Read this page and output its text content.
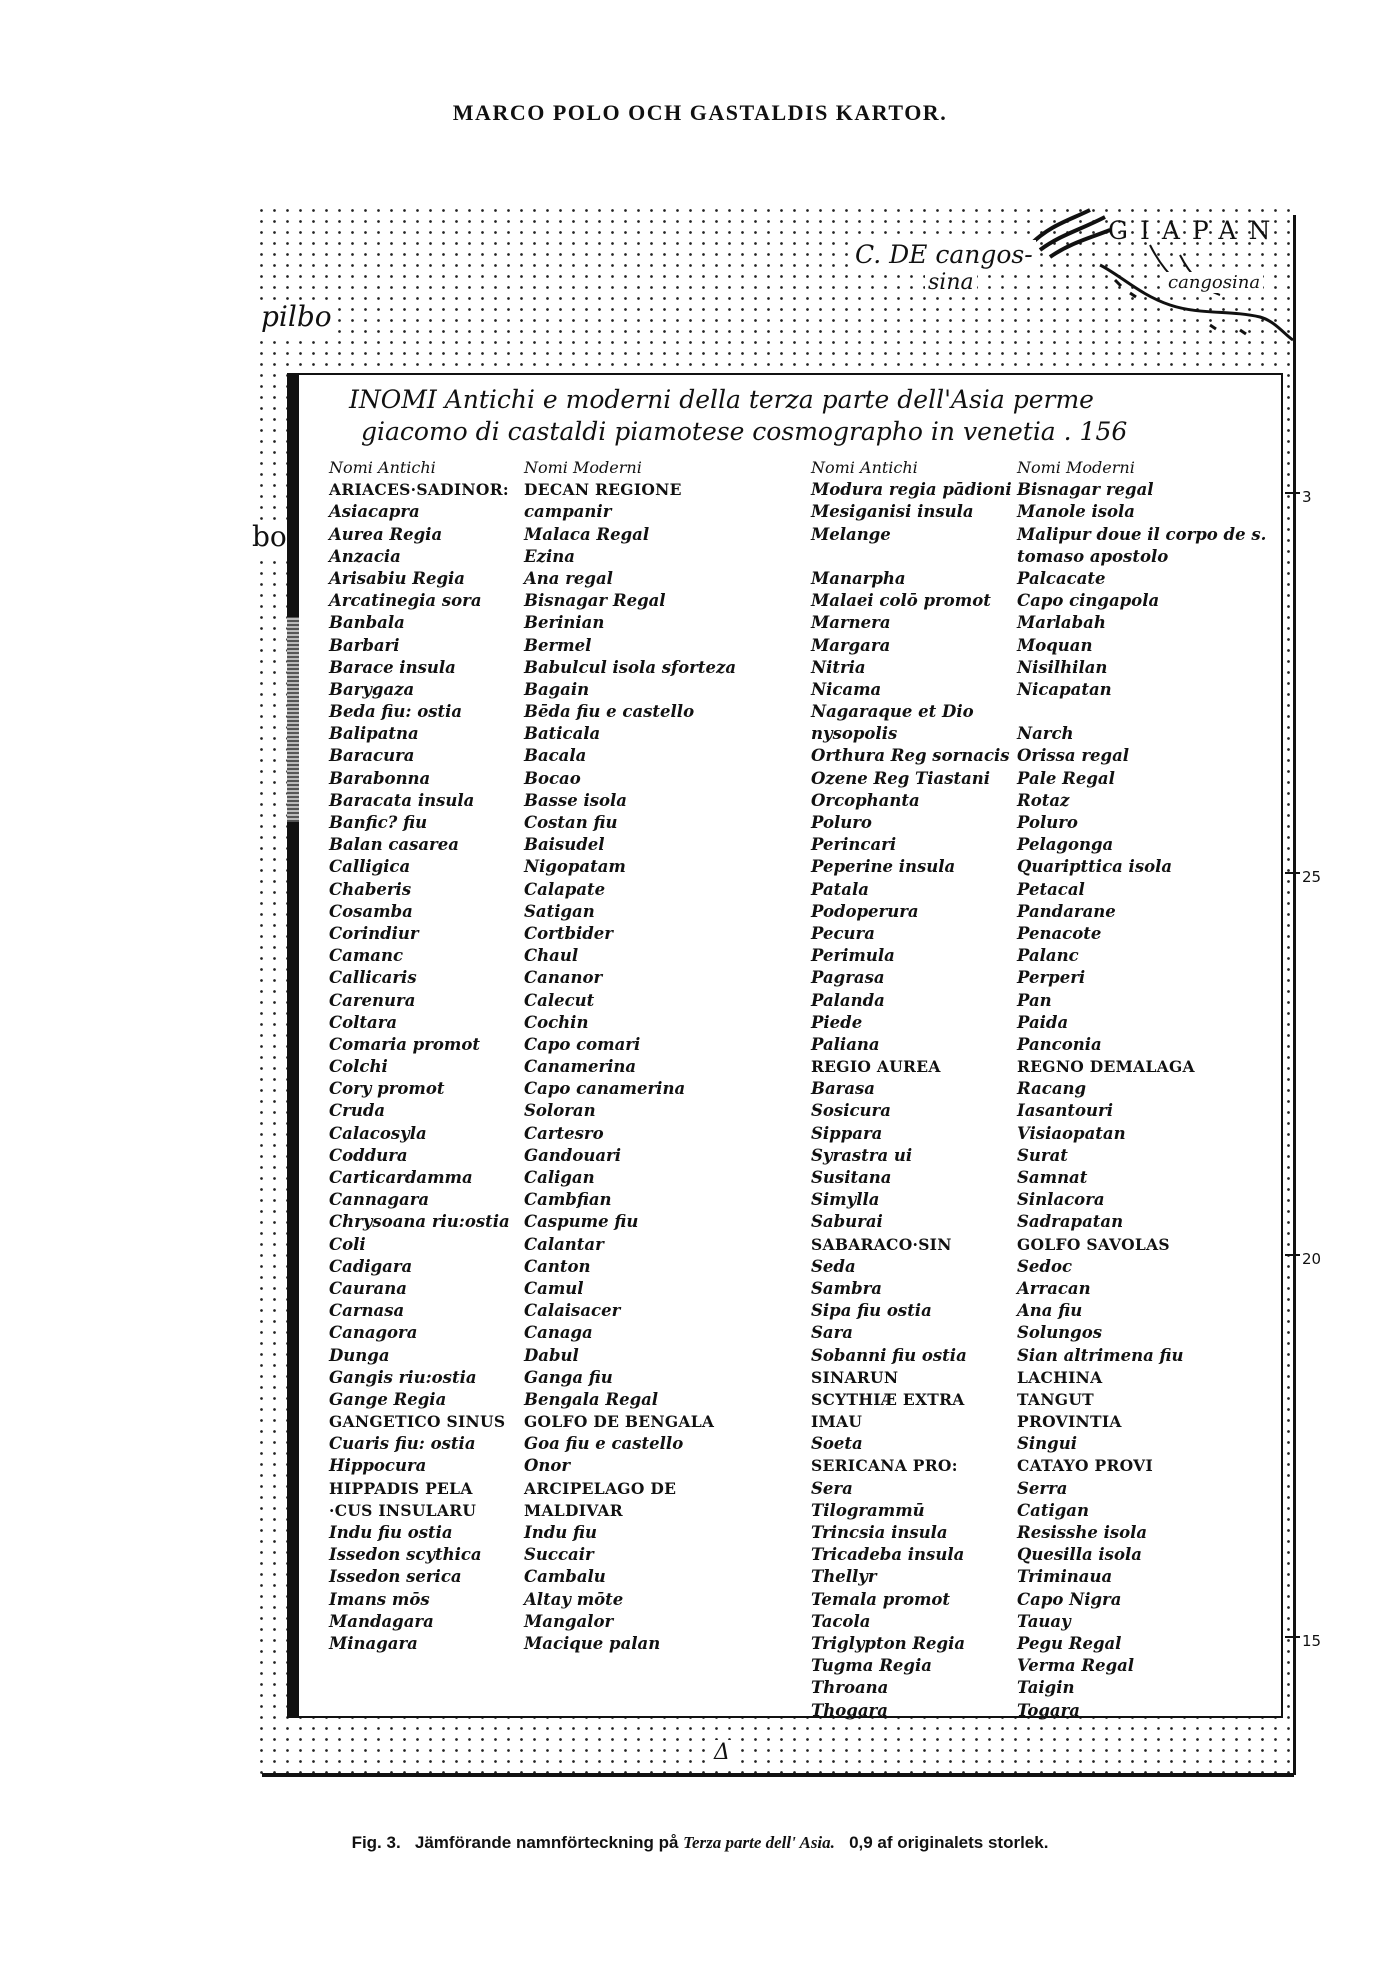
MARCO POLO OCH GASTALDIS KARTOR.
GIAPAN
C. DE cangos-
sina	cangosina
pilbo
bo
3
25
20
15
Δ
INOMI Antichi e moderni della terza parte dell'Asia perme
giacomo di castaldi piamotese cosmographo in venetia . 156
Nomi Antichi
ARIACES·SADINOR:
Asiacapra
Aurea Regia
Anzacia
Arisabiu Regia
Arcatinegia sora
Banbala
Barbari
Barace insula
Barygaza
Beda fiu: ostia
Balipatna
Baracura
Barabonna
Baracata insula
Banfic? fiu
Balan casarea
Calligica
Chaberis
Cosamba
Corindiur
Camanc
Callicaris
Carenura
Coltara
Comaria promot
Colchi
Cory promot
Cruda
Calacosyla
Coddura
Carticardamma
Cannagara
Chrysoana riu:ostia
Coli
Cadigara
Caurana
Carnasa
Canagora
Dunga
Gangis riu:ostia
Gange Regia
GANGETICO SINUS
Cuaris fiu: ostia
Hippocura
HIPPADIS PELA
·CUS INSULARU
Indu fiu ostia
Issedon scythica
Issedon serica
Imans mōs
Mandagara
Minagara
Nomi Moderni
DECAN REGIONE
campanir
Malaca Regal
Ezina
Ana regal
Bisnagar Regal
Berinian
Bermel
Babulcul isola sforteza
Bagain
Bēda fiu e castello
Baticala
Bacala
Bocao
Basse isola
Costan fiu
Baisudel
Nigopatam
Calapate
Satigan
Cortbider
Chaul
Cananor
Calecut
Cochin
Capo comari
Canamerina
Capo canamerina
Soloran
Cartesro
Gandouari
Caligan
Cambfian
Caspume fiu
Calantar
Canton
Camul
Calaisacer
Canaga
Dabul
Ganga fiu
Bengala Regal
GOLFO DE BENGALA
Goa fiu e castello
Onor
ARCIPELAGO DE
MALDIVAR
Indu fiu
Succair
Cambalu
Altay mōte
Mangalor
Macique palan
Nomi Antichi
Modura regia pādioni
Mesiganisi insula
Melange
Manarpha
Malaei colō promot
Marnera
Margara
Nitria
Nicama
Nagaraque et Dio
nysopolis
Orthura Reg sornacis
Ozene Reg Tiastani
Orcophanta
Poluro
Perincari
Peperine insula
Patala
Podoperura
Pecura
Perimula
Pagrasa
Palanda
Piede
Paliana
REGIO AUREA
Barasa
Sosicura
Sippara
Syrastra ui
Susitana
Simylla
Saburai
SABARACO·SIN
Seda
Sambra
Sipa fiu ostia
Sara
Sobanni fiu ostia
SINARUN
SCYTHIÆ EXTRA
IMAU
Soeta
SERICANA PRO:
Sera
Tilogrammū
Trincsia insula
Tricadeba insula
Thellyr
Temala promot
Tacola
Triglypton Regia
Tugma Regia
Throana
Thogara
Nomi Moderni
Bisnagar regal
Manole isola
Malipur doue il corpo de s.
tomaso apostolo
Palcacate
Capo cingapola
Marlabah
Moquan
Nisilhilan
Nicapatan
Narch
Orissa regal
Pale Regal
Rotaz
Poluro
Pelagonga
Quaripttica isola
Petacal
Pandarane
Penacote
Palanc
Perperi
Pan
Paida
Panconia
REGNO DEMALAGA
Racang
Iasantouri
Visiaopatan
Surat
Samnat
Sinlacora
Sadrapatan
GOLFO SAVOLAS
Sedoc
Arracan
Ana fiu
Solungos
Sian altrimena fiu
LACHINA
TANGUT
PROVINTIA
Singui
CATAYO PROVI
Serra
Catigan
Resisshe isola
Quesilla isola
Triminaua
Capo Nigra
Tauay
Pegu Regal
Verma Regal
Taigin
Togara
Fig. 3. Jämförande namnförteckning på Terza parte dell' Asia. 0,9 af originalets storlek.
